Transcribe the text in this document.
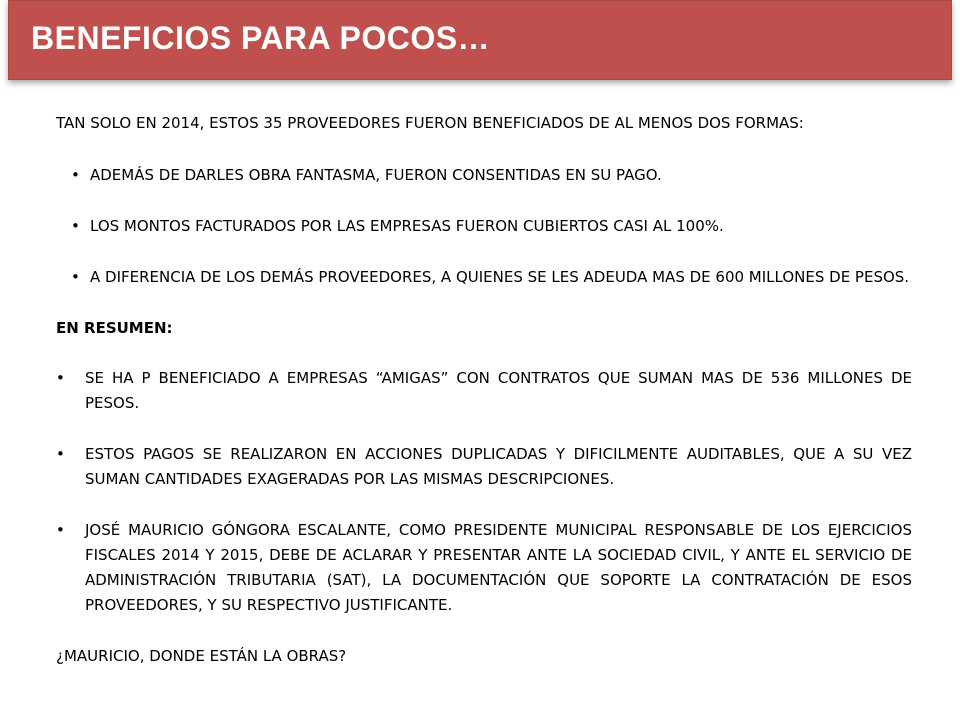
BENEFICIOS PARA POCOS…

TAN SOLO EN 2014, ESTOS 35 PROVEEDORES FUERON BENEFICIADOS DE AL MENOS DOS FORMAS:

• ADEMÁS DE DARLES OBRA FANTASMA, FUERON CONSENTIDAS EN SU PAGO.
• LOS MONTOS FACTURADOS POR LAS EMPRESAS FUERON CUBIERTOS CASI AL 100%.
• A DIFERENCIA DE LOS DEMÁS PROVEEDORES, A QUIENES SE LES ADEUDA MAS DE 600 MILLONES DE PESOS.

EN RESUMEN:

• SE HA P BENEFICIADO A EMPRESAS “AMIGAS” CON CONTRATOS QUE SUMAN MAS DE 536 MILLONES DE PESOS.
• ESTOS PAGOS SE REALIZARON EN ACCIONES DUPLICADAS Y DIFICILMENTE AUDITABLES, QUE A SU VEZ SUMAN CANTIDADES EXAGERADAS POR LAS MISMAS DESCRIPCIONES.
• JOSÉ MAURICIO GÓNGORA ESCALANTE, COMO PRESIDENTE MUNICIPAL RESPONSABLE DE LOS EJERCICIOS FISCALES 2014 Y 2015, DEBE DE ACLARAR Y PRESENTAR ANTE LA SOCIEDAD CIVIL, Y ANTE EL SERVICIO DE ADMINISTRACIÓN TRIBUTARIA (SAT), LA DOCUMENTACIÓN QUE SOPORTE LA CONTRATACIÓN DE ESOS PROVEEDORES, Y SU RESPECTIVO JUSTIFICANTE.

¿MAURICIO, DONDE ESTÁN LA OBRAS?
